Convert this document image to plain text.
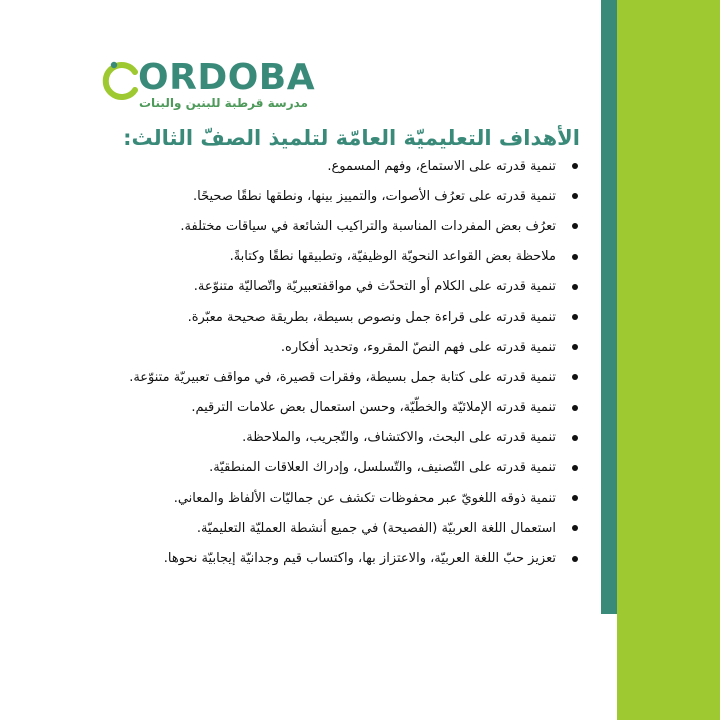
ORDOBA
مدرسة قرطبة للبنين والبنات
الأهداف التعليميّة العامّة لتلميذ الصفّ الثالث:
تنمية قدرته على الاستماع، وفهم المسموع.
تنمية قدرته على تعرُف الأصوات، والتمييز بينها، ونطقها نطقًا صحيحًا.
تعرُف بعض المفردات المناسبة والتراكيب الشائعة في سياقات مختلفة.
ملاحظة بعض القواعد النحويّة الوظيفيّة، وتطبيقها نطقًا وكتابةً.
تنمية قدرته على الكلام أو التحدّث في مواقفتعبيريّة واتّصاليّة متنوّعة.
تنمية قدرته على قراءة جمل ونصوص بسيطة، بطريقة صحيحة معبّرة.
تنمية قدرته على فهم النصّ المقروء، وتحديد أفكاره.
تنمية قدرته على كتابة جمل بسيطة، وفقرات قصيرة، في مواقف تعبيريّة متنوّعة.
تنمية قدرته الإملائيّة والخطّيّة، وحسن استعمال بعض علامات الترقيم.
تنمية قدرته على البحث، والاكتشاف، والتّجريب، والملاحظة.
تنمية قدرته على التّصنيف، والتّسلسل، وإدراك العلاقات المنطقيّة.
تنمية ذوقه اللغويّ عبر محفوظات تكشف عن جماليّات الألفاظ والمعاني.
استعمال اللغة العربيّة (الفصيحة) في جميع أنشطة العمليّة التعليميّة.
تعزيز حبّ اللغة العربيّة، والاعتزاز بها، واكتساب قيم وجدانيّة إيجابيّة نحوها.
